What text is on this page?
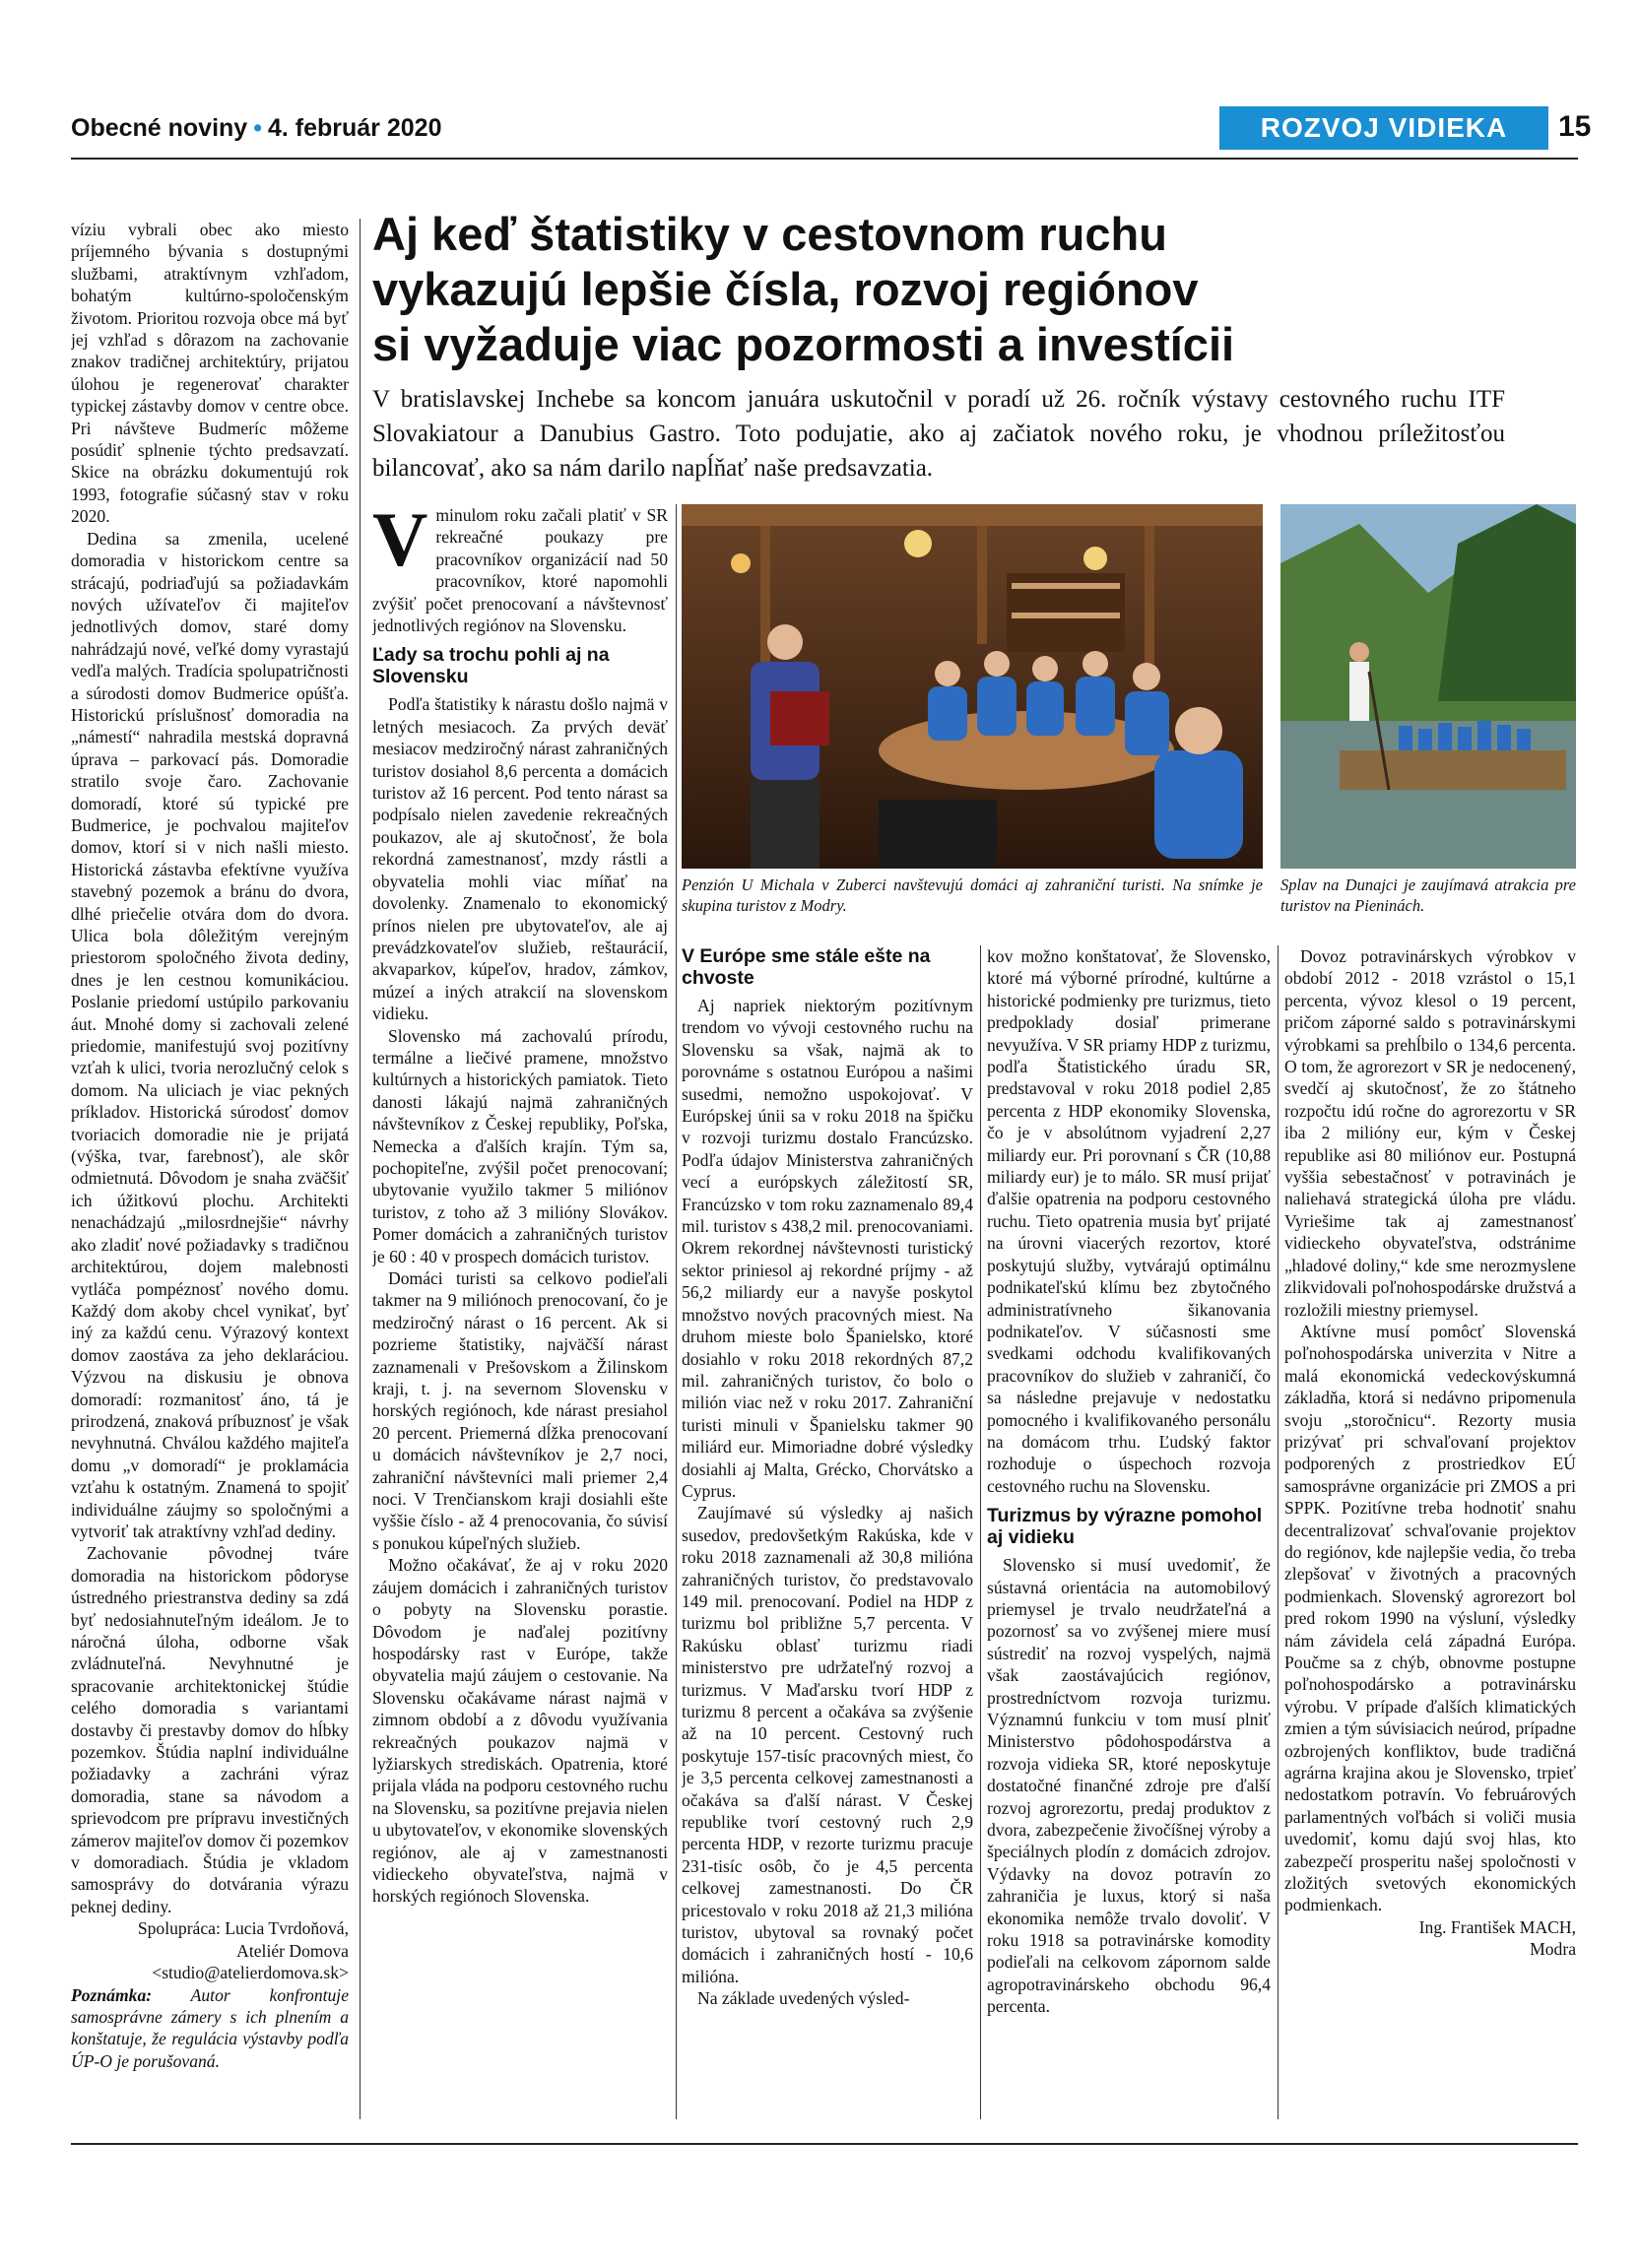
Obecné noviny • 4. február 2020	ROZVOJ VIDIEKA	15

víziu vybrali obec ako miesto príjemného bývania s dostupnými službami, atraktívnym vzhľadom, bohatým kultúrno-spoločenským životom. Prioritou rozvoja obce má byť jej vzhľad s dôrazom na zachovanie znakov tradičnej architektúry, prijatou úlohou je regenerovať charakter typickej zástavby domov v centre obce. Pri návšteve Budmeríc môžeme posúdiť splnenie týchto predsavzatí. Skice na obrázku dokumentujú rok 1993, fotografie súčasný stav v roku 2020.

Dedina sa zmenila, ucelené domoradia v historickom centre sa strácajú, podriaďujú sa požiadavkám nových užívateľov či majiteľov jednotlivých domov, staré domy nahrádzajú nové, veľké domy vyrastajú vedľa malých. Tradícia spolupatričnosti a súrodosti domov Budmerice opúšťa. Historickú príslušnosť domoradia na „námestí“ nahradila mestská dopravná úprava – parkovací pás. Domoradie stratilo svoje čaro. Zachovanie domoradí, ktoré sú typické pre Budmerice, je pochvalou majiteľov domov, ktorí si v nich našli miesto. Historická zástavba efektívne využíva stavebný pozemok a bránu do dvora, dlhé priečelie otvára dom do dvora. Ulica bola dôležitým verejným priestorom spoločného života dediny, dnes je len cestnou komunikáciou. Poslanie priedomí ustúpilo parkovaniu áut. Mnohé domy si zachovali zelené priedomie, manifestujú svoj pozitívny vzťah k ulici, tvoria nerozlučný celok s domom. Na uliciach je viac pekných príkladov. Historická súrodosť domov tvoriacich domoradie nie je prijatá (výška, tvar, farebnosť), ale skôr odmietnutá. Dôvodom je snaha zväčšiť ich úžitkovú plochu. Architekti nenachádzajú „milosrdnejšie“ návrhy ako zladiť nové požiadavky s tradičnou architektúrou, dojem malebnosti vytláča pompéznosť nového domu. Každý dom akoby chcel vynikať, byť iný za každú cenu. Výrazový kontext domov zaostáva za jeho deklaráciou. Výzvou na diskusiu je obnova domoradí: rozmanitosť áno, tá je prirodzená, znaková príbuznosť je však nevyhnutná. Chválou každého majiteľa domu „v domoradí“ je proklamácia vzťahu k ostatným. Znamená to spojiť individuálne záujmy so spoločnými a vytvoriť tak atraktívny vzhľad dediny.

Zachovanie pôvodnej tváre domoradia na historickom pôdoryse ústredného priestranstva dediny sa zdá byť nedosiahnuteľným ideálom. Je to náročná úloha, odborne však zvládnuteľná. Nevyhnutné je spracovanie architektonickej štúdie celého domoradia s variantami dostavby či prestavby domov do hĺbky pozemkov. Štúdia naplní individuálne požiadavky a zachráni výraz domoradia, stane sa návodom a sprievodcom pre prípravu investičných zámerov majiteľov domov či pozemkov v domoradiach. Štúdia je vkladom samosprávy do dotvárania výrazu peknej dediny.

Spolupráca: Lucia Tvrdoňová,

Ateliér Domova

<studio@atelierdomova.sk>

Poznámka: Autor konfrontuje samosprávne zámery s ich plnením a konštatuje, že regulácia výstavby podľa ÚP-O je porušovaná.

Aj keď štatistiky v cestovnom ruchu
vykazujú lepšie čísla, rozvoj regiónov
si vyžaduje viac pozormosti a investícii
V bratislavskej Inchebe sa koncom januára uskutočnil v poradí už 26. ročník výstavy cestovného ruchu ITF Slovakiatour a Danubius Gastro. Toto podujatie, ako aj začiatok nového roku, je vhodnou príležitosťou bilancovať, ako sa nám darilo napĺňať naše predsavzatia.
Penzión U Michala v Zuberci navštevujú domáci aj zahraniční turisti. Na snímke je skupina turistov z Modry.
Splav na Dunajci je zaujímavá atrakcia pre turistov na Pieninách.

Vminulom roku začali platiť v SR rekreačné poukazy pre pracovníkov organizácií nad 50 pracovníkov, ktoré napomohli zvýšiť počet prenocovaní a návštevnosť jednotlivých regiónov na Slovensku.

Ľady sa trochu pohli aj na Slovensku

Podľa štatistiky k nárastu došlo najmä v letných mesiacoch. Za prvých deväť mesiacov medziročný nárast zahraničných turistov dosiahol 8,6 percenta a domácich turistov až 16 percent. Pod tento nárast sa podpísalo nielen zavedenie rekreačných poukazov, ale aj skutočnosť, že bola rekordná zamestnanosť, mzdy rástli a obyvatelia mohli viac míňať na dovolenky. Znamenalo to ekonomický prínos nielen pre ubytovateľov, ale aj prevádzkovateľov služieb, reštaurácií, akvaparkov, kúpeľov, hradov, zámkov, múzeí a iných atrakcií na slovenskom vidieku.

Slovensko má zachovalú prírodu, termálne a liečivé pramene, množstvo kultúrnych a historických pamiatok. Tieto danosti lákajú najmä zahraničných návštevníkov z Českej republiky, Poľska, Nemecka a ďalších krajín. Tým sa, pochopiteľne, zvýšil počet prenocovaní; ubytovanie využilo takmer 5 miliónov turistov, z toho až 3 milióny Slovákov. Pomer domácich a zahraničných turistov je 60 : 40 v prospech domácich turistov.

Domáci turisti sa celkovo podieľali takmer na 9 miliónoch prenocovaní, čo je medziročný nárast o 16 percent. Ak si pozrieme štatistiky, najväčší nárast zaznamenali v Prešovskom a Žilinskom kraji, t. j. na severnom Slovensku v horských regiónoch, kde nárast presiahol 20 percent. Priemerná dĺžka prenocovaní u domácich návštevníkov je 2,7 noci, zahraniční návštevníci mali priemer 2,4 noci. V Trenčianskom kraji dosiahli ešte vyššie číslo - až 4 prenocovania, čo súvisí s ponukou kúpeľných služieb.

Možno očakávať, že aj v roku 2020 záujem domácich i zahraničných turistov o pobyty na Slovensku porastie. Dôvodom je naďalej pozitívny hospodársky rast v Európe, takže obyvatelia majú záujem o cestovanie. Na Slovensku očakávame nárast najmä v zimnom období a z dôvodu využívania rekreačných poukazov najmä v lyžiarskych strediskách. Opatrenia, ktoré prijala vláda na podporu cestovného ruchu na Slovensku, sa pozitívne prejavia nielen u ubytovateľov, v ekonomike slovenských regiónov, ale aj v zamestnanosti vidieckeho obyvateľstva, najmä v horských regiónoch Slovenska.

V Európe sme stále ešte na chvoste

Aj napriek niektorým pozitívnym trendom vo vývoji cestovného ruchu na Slovensku sa však, najmä ak to porovnáme s ostatnou Európou a našimi susedmi, nemožno uspokojovať. V Európskej únii sa v roku 2018 na špičku v rozvoji turizmu dostalo Francúzsko. Podľa údajov Ministerstva zahraničných vecí a európskych záležitostí SR, Francúzsko v tom roku zaznamenalo 89,4 mil. turistov s 438,2 mil. prenocovaniami. Okrem rekordnej návštevnosti turistický sektor priniesol aj rekordné príjmy - až 56,2 miliardy eur a navyše poskytol množstvo nových pracovných miest. Na druhom mieste bolo Španielsko, ktoré dosiahlo v roku 2018 rekordných 87,2 mil. zahraničných turistov, čo bolo o milión viac než v roku 2017. Zahraniční turisti minuli v Španielsku takmer 90 miliárd eur. Mimoriadne dobré výsledky dosiahli aj Malta, Grécko, Chorvátsko a Cyprus.

Zaujímavé sú výsledky aj našich susedov, predovšetkým Rakúska, kde v roku 2018 zaznamenali až 30,8 milióna zahraničných turistov, čo predstavovalo 149 mil. prenocovaní. Podiel na HDP z turizmu bol približne 5,7 percenta. V Rakúsku oblasť turizmu riadi ministerstvo pre udržateľný rozvoj a turizmus. V Maďarsku tvorí HDP z turizmu 8 percent a očakáva sa zvýšenie až na 10 percent. Cestovný ruch poskytuje 157-tisíc pracovných miest, čo je 3,5 percenta celkovej zamestnanosti a očakáva sa ďalší nárast. V Českej republike tvorí cestovný ruch 2,9 percenta HDP, v rezorte turizmu pracuje 231-tisíc osôb, čo je 4,5 percenta celkovej zamestnanosti. Do ČR pricestovalo v roku 2018 až 21,3 milióna turistov, ubytoval sa rovnaký počet domácich i zahraničných hostí - 10,6 milióna.

Na základe uvedených výsled-

kov možno konštatovať, že Slovensko, ktoré má výborné prírodné, kultúrne a historické podmienky pre turizmus, tieto predpoklady dosiaľ primerane nevyužíva. V SR priamy HDP z turizmu, podľa Štatistického úradu SR, predstavoval v roku 2018 podiel 2,85 percenta z HDP ekonomiky Slovenska, čo je v absolútnom vyjadrení 2,27 miliardy eur. Pri porovnaní s ČR (10,88 miliardy eur) je to málo. SR musí prijať ďalšie opatrenia na podporu cestovného ruchu. Tieto opatrenia musia byť prijaté na úrovni viacerých rezortov, ktoré poskytujú služby, vytvárajú optimálnu podnikateľskú klímu bez zbytočného administratívneho šikanovania podnikateľov. V súčasnosti sme svedkami odchodu kvalifikovaných pracovníkov do služieb v zahraničí, čo sa následne prejavuje v nedostatku pomocného i kvalifikovaného personálu na domácom trhu. Ľudský faktor rozhoduje o úspechoch rozvoja cestovného ruchu na Slovensku.

Turizmus by výrazne pomohol aj vidieku

Slovensko si musí uvedomiť, že sústavná orientácia na automobilový priemysel je trvalo neudržateľná a pozornosť sa vo zvýšenej miere musí sústrediť na rozvoj vyspelých, najmä však zaostávajúcich regiónov, prostredníctvom rozvoja turizmu. Významnú funkciu v tom musí plniť Ministerstvo pôdohospodárstva a rozvoja vidieka SR, ktoré neposkytuje dostatočné finančné zdroje pre ďalší rozvoj agrorezortu, predaj produktov z dvora, zabezpečenie živočíšnej výroby a špeciálnych plodín z domácich zdrojov. Výdavky na dovoz potravín zo zahraničia je luxus, ktorý si naša ekonomika nemôže trvalo dovoliť. V roku 1918 sa potravinárske komodity podieľali na celkovom zápornom salde agropotravinárskeho obchodu 96,4 percenta.

Dovoz potravinárskych výrobkov v období 2012 - 2018 vzrástol o 15,1 percenta, vývoz klesol o 19 percent, pričom záporné saldo s potravinárskymi výrobkami sa prehĺbilo o 134,6 percenta. O tom, že agrorezort v SR je nedocenený, svedčí aj skutočnosť, že zo štátneho rozpočtu idú ročne do agrorezortu v SR iba 2 milióny eur, kým v Českej republike asi 80 miliónov eur. Postupná vyššia sebestačnosť v potravinách je naliehavá strategická úloha pre vládu. Vyriešime tak aj zamestnanosť vidieckeho obyvateľstva, odstránime „hladové doliny,“ kde sme nerozmyslene zlikvidovali poľnohospodárske družstvá a rozložili miestny priemysel.

Aktívne musí pomôcť Slovenská poľnohospodárska univerzita v Nitre a malá ekonomická vedeckovýskumná základňa, ktorá si nedávno pripomenula svoju „storočnicu“. Rezorty musia prizývať pri schvaľovaní projektov podporených z prostriedkov EÚ samosprávne organizácie pri ZMOS a pri SPPK. Pozitívne treba hodnotiť snahu decentralizovať schvaľovanie projektov do regiónov, kde najlepšie vedia, čo treba zlepšovať v životných a pracovných podmienkach. Slovenský agrorezort bol pred rokom 1990 na výsluní, výsledky nám závidela celá západná Európa. Poučme sa z chýb, obnovme postupne poľnohospodársko a potravinársku výrobu. V prípade ďalších klimatických zmien a tým súvisiacich neúrod, prípadne ozbrojených konfliktov, bude tradičná agrárna krajina akou je Slovensko, trpieť nedostatkom potravín. Vo februárových parlamentných voľbách si voliči musia uvedomiť, komu dajú svoj hlas, kto zabezpečí prosperitu našej spoločnosti v zložitých svetových ekonomických podmienkach.

Ing. František MACH,

Modra
